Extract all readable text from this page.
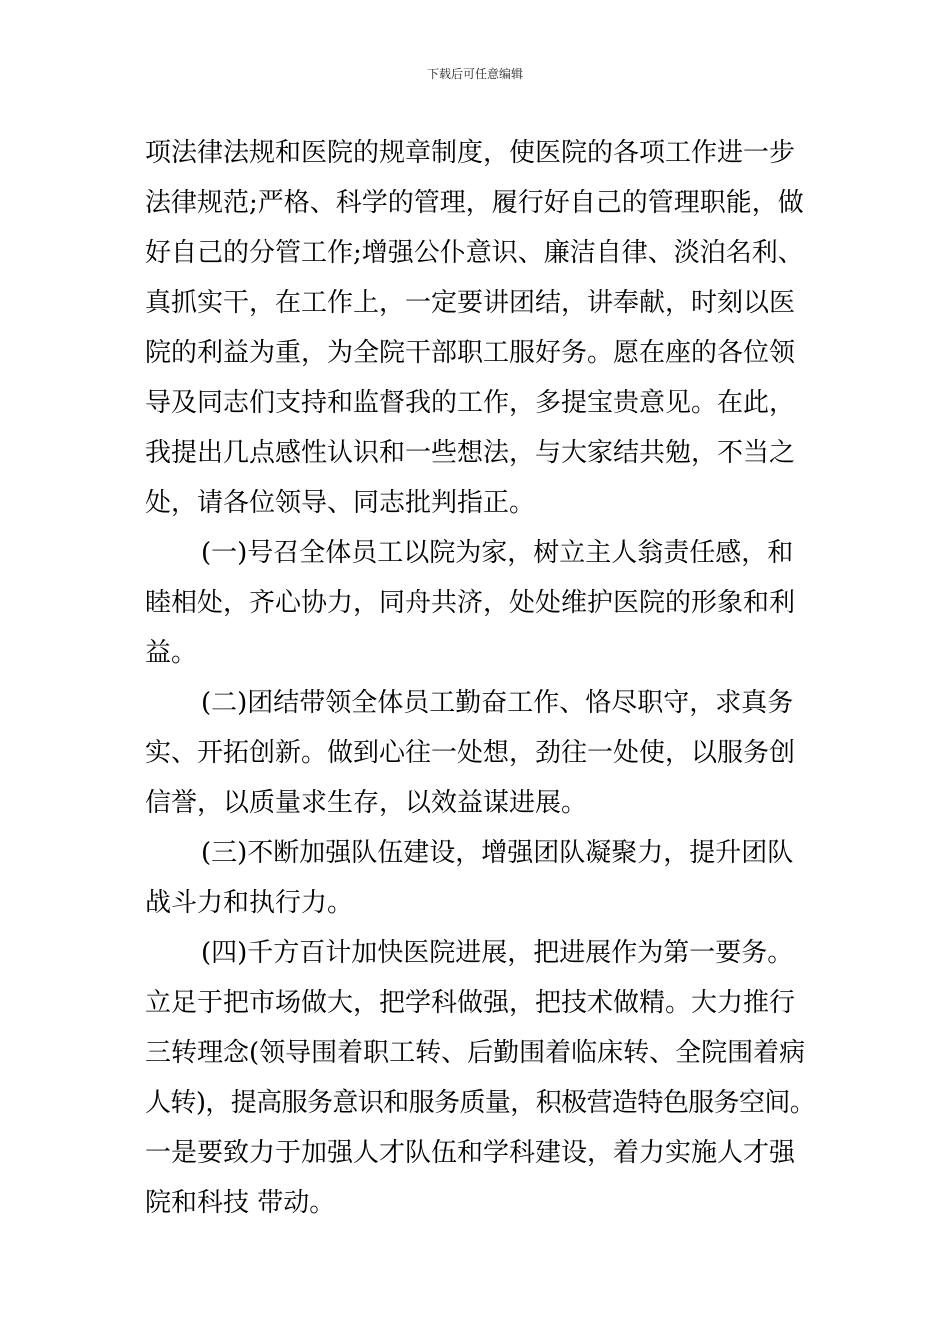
下载后可任意编辑
项法律法规和医院的规章制度，使医院的各项工作进一步
法律规范;严格、科学的管理，履行好自己的管理职能，做
好自己的分管工作;增强公仆意识、廉洁自律、淡泊名利、
真抓实干，在工作上，一定要讲团结，讲奉献，时刻以医
院的利益为重，为全院干部职工服好务。愿在座的各位领
导及同志们支持和监督我的工作，多提宝贵意见。在此，
我提出几点感性认识和一些想法，与大家结共勉，不当之
处，请各位领导、同志批判指正。
(一)号召全体员工以院为家，树立主人翁责任感，和
睦相处，齐心协力，同舟共济，处处维护医院的形象和利
益。
(二)团结带领全体员工勤奋工作、恪尽职守，求真务
实、开拓创新。做到心往一处想，劲往一处使，以服务创
信誉，以质量求生存，以效益谋进展。
(三)不断加强队伍建设，增强团队凝聚力，提升团队
战斗力和执行力。
(四)千方百计加快医院进展，把进展作为第一要务。
立足于把市场做大，把学科做强，把技术做精。大力推行
三转理念(领导围着职工转、后勤围着临床转、全院围着病
人转)，提高服务意识和服务质量，积极营造特色服务空间。
一是要致力于加强人才队伍和学科建设，着力实施人才强
院和科技 带动。
